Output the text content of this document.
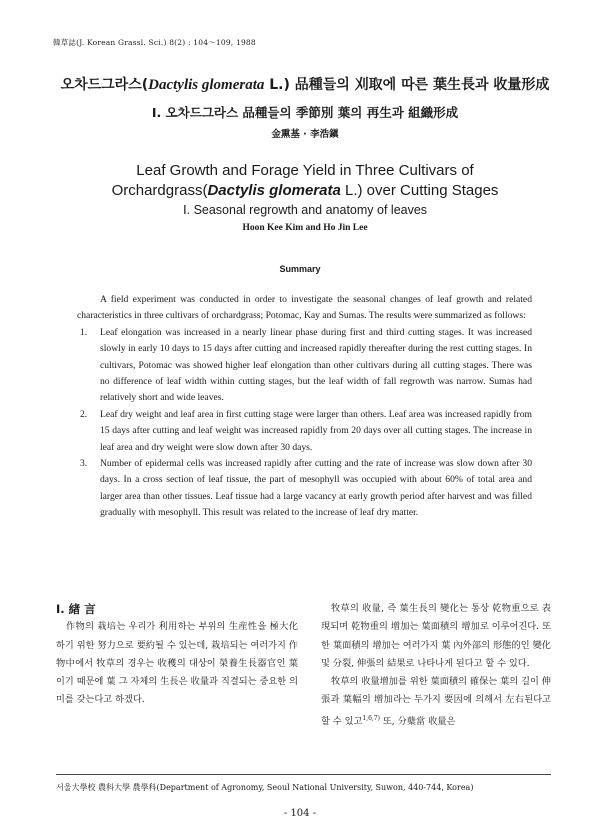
韓草誌(J. Korean Grassl. Sci.) 8(2) : 104～109, 1988
오차드그라스(Dactylis glomerata L.) 品種들의 刈取에 따른 葉生長과 收量形成
Ⅰ. 오차드그라스 品種들의 季節別 葉의 再生과 組織形成
金熏基 · 李浩鎭
Leaf Growth and Forage Yield in Three Cultivars of
Orchardgrass(Dactylis glomerata L.) over Cutting Stages
Ⅰ. Seasonal regrowth and anatomy of leaves
Hoon Kee Kim and Ho Jin Lee
Summary

A field experiment was conducted in order to investigate the seasonal changes of leaf growth and related characteristics in three cultivars of orchardgrass; Potomac, Kay and Sumas. The results were summarized as follows:

1. Leaf elongation was increased in a nearly linear phase during first and third cutting stages. It was increased slowly in early 10 days to 15 days after cutting and increased rapidly thereafter during the rest cutting stages. In cultivars, Potomac was showed higher leaf elongation than other cultivars during all cutting stages. There was no difference of leaf width within cutting stages, but the leaf width of fall regrowth was narrow. Sumas had relatively short and wide leaves.
2. Leaf dry weight and leaf area in first cutting stage were larger than others. Leaf area was increased rapidly from 15 days after cutting and leaf weight was increased rapidly from 20 days over all cutting stages. The increase in leaf area and dry weight were slow down after 30 days.
3. Number of epidermal cells was increased rapidly after cutting and the rate of increase was slow down after 30 days. In a cross section of leaf tissue, the part of mesophyll was occupied with about 60% of total area and larger area than other tissues. Leaf tissue had a large vacancy at early growth period after harvest and was filled gradually with mesophyll. This result was related to the increase of leaf dry matter.

Ⅰ. 緖 言

作物의 栽培는 우리가 利用하는 부위의 生産性을 極大化하기 위한 努力으로 要約될 수 있는데, 栽培되는 여러가지 作物中에서 牧草의 경우는 收穫의 대상이 榮養生長器官인 葉이기 때문에 葉 그 자체의 生長은 收量과 직결되는 중요한 의미를 갖는다고 하겠다.

牧草의 收量, 즉 葉生長의 變化는 통상 乾物重으로 表現되며 乾物重의 增加는 葉面積의 增加로 이루어진다. 또한 葉面積의 增加는 여러가지 葉 內外部의 形態的인 變化 및 分裂, 伸張의 結果로 나타나게 된다고 할 수 있다.

牧草의 收量增加를 위한 葉面積의 確保는 葉의 길이 伸張과 葉幅의 增加라는 두가지 要因에 의해서 左右된다고 할 수 있고$^{1,6,7)}$ 또, 分蘖當 收量은

서울大學校 農科大學 農學科(Department of Agronomy, Seoul National University, Suwon, 440-744, Korea)
- 104 -
